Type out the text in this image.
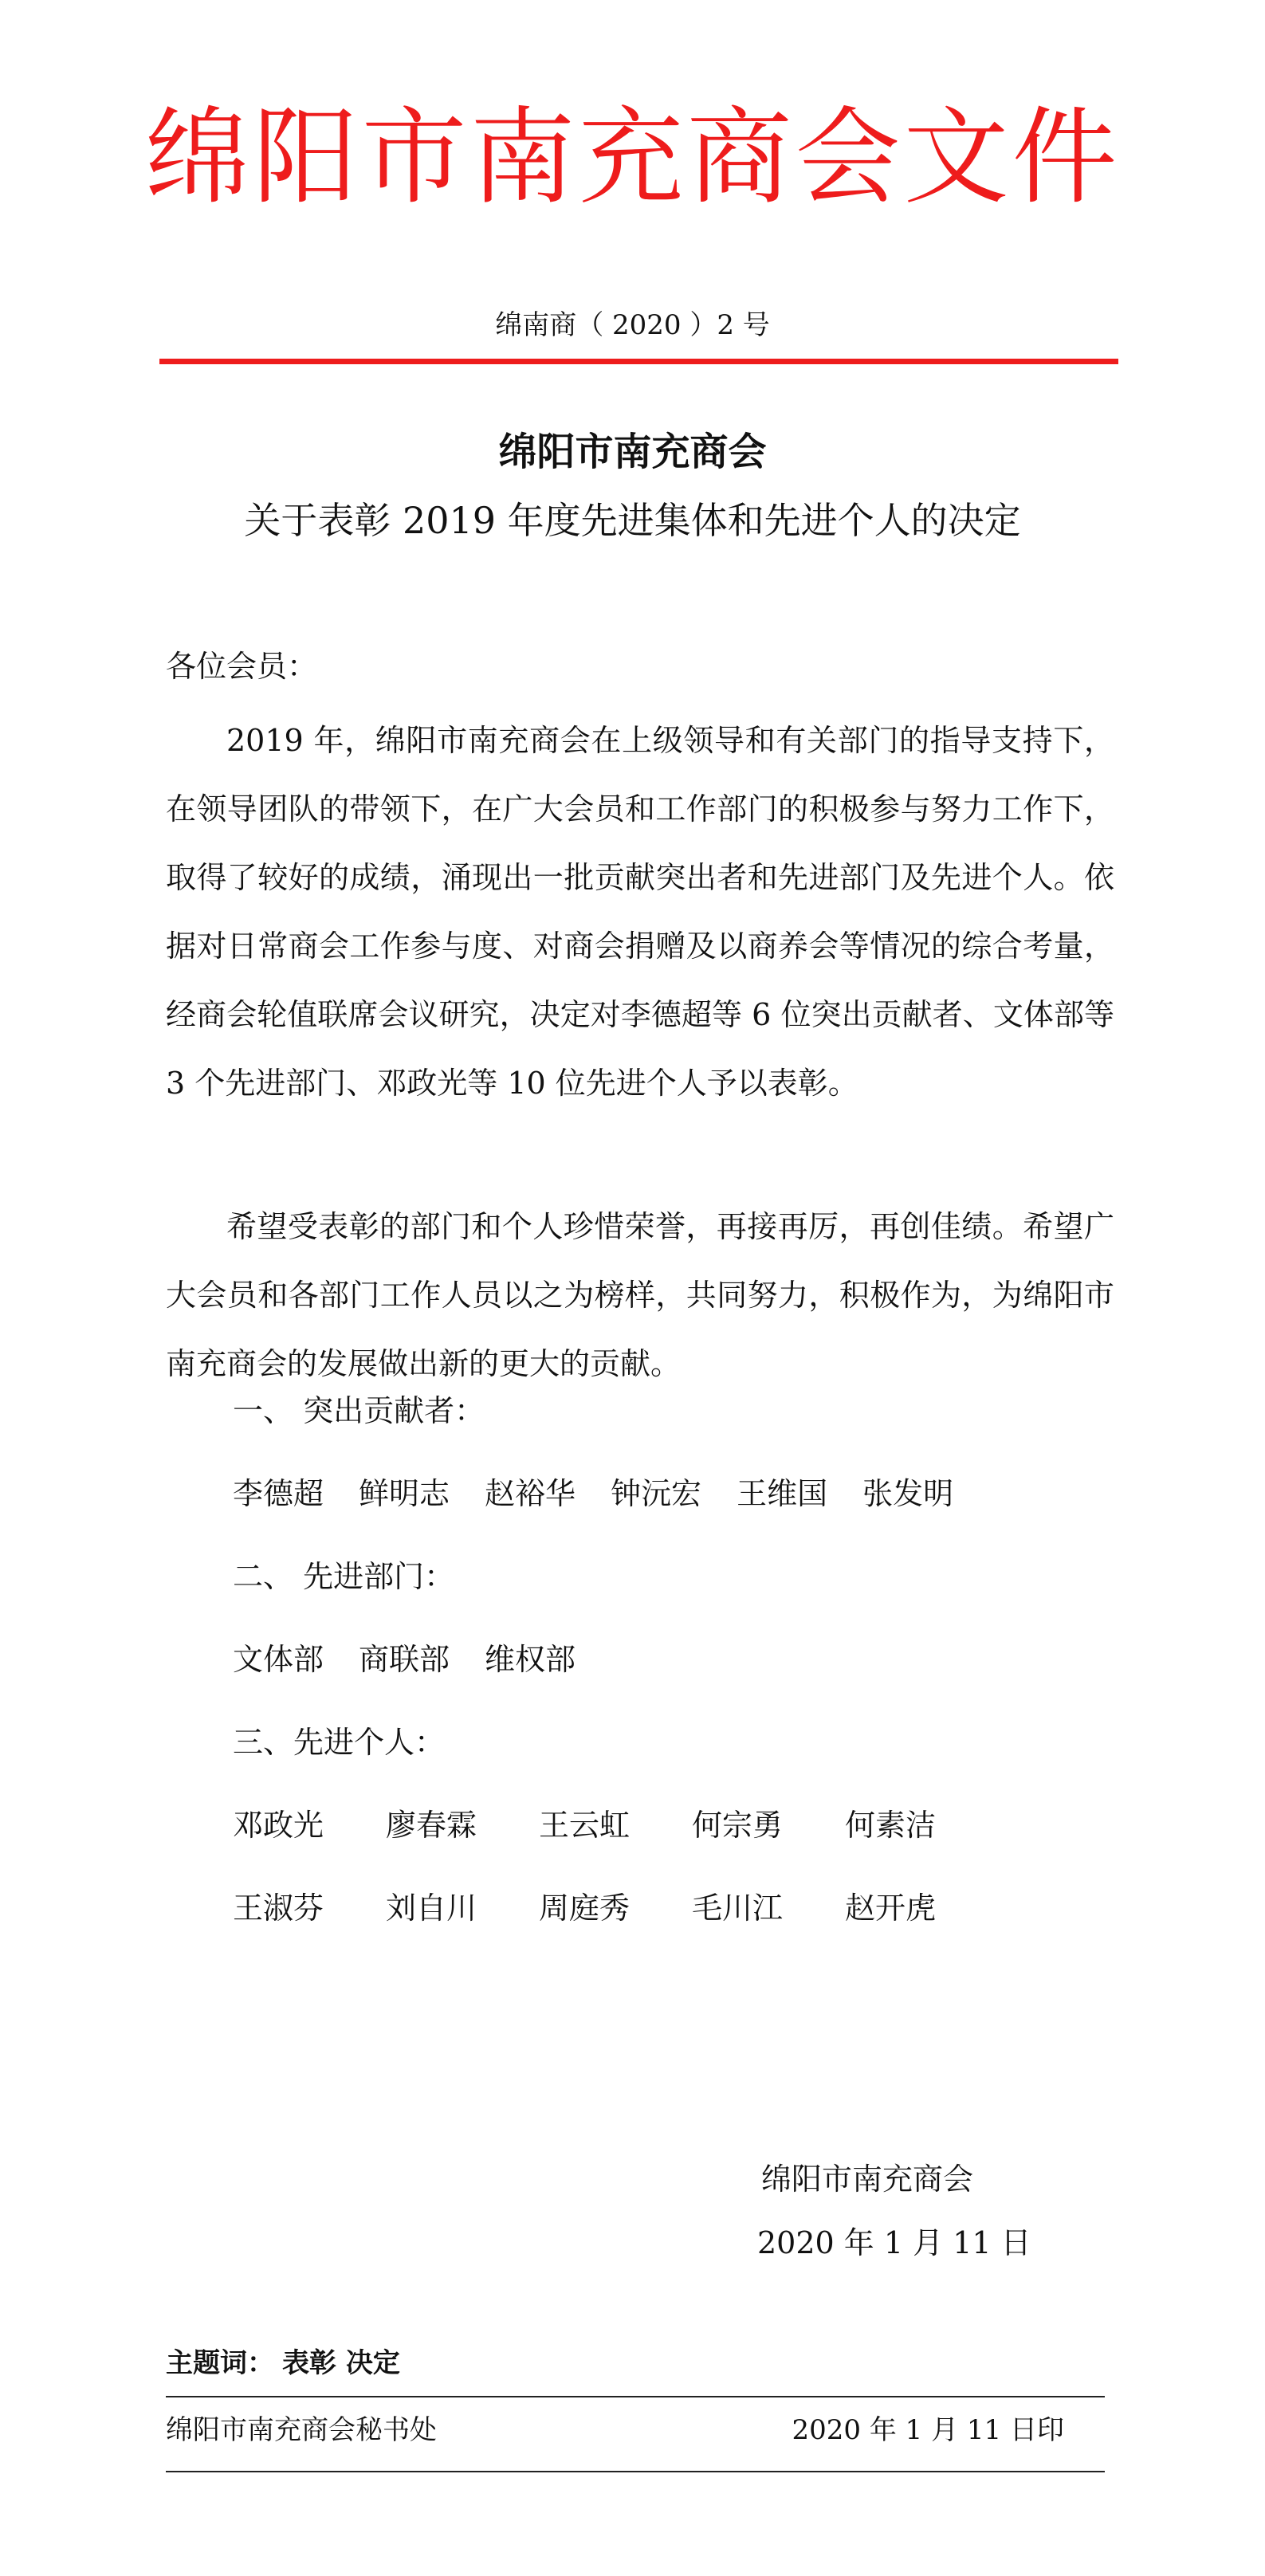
绵阳市南充商会文件
绵南商（ 2020 ）2 号
绵阳市南充商会
关于表彰 2019 年度先进集体和先进个人的决定
各位会员：
2019 年，绵阳市南充商会在上级领导和有关部门的指导支持下，在领导团队的带领下，在广大会员和工作部门的积极参与努力工作下，取得了较好的成绩，涌现出一批贡献突出者和先进部门及先进个人。依据对日常商会工作参与度、对商会捐赠及以商养会等情况的综合考量，经商会轮值联席会议研究，决定对李德超等 6 位突出贡献者、文体部等 3 个先进部门、邓政光等 10 位先进个人予以表彰。
希望受表彰的部门和个人珍惜荣誉，再接再厉，再创佳绩。希望广大会员和各部门工作人员以之为榜样，共同努力，积极作为，为绵阳市南充商会的发展做出新的更大的贡献。
一、 突出贡献者：
李德超 鲜明志 赵裕华 钟沅宏 王维国 张发明
二、 先进部门：
文体部 商联部 维权部
三、先进个人：
邓政光 廖春霖 王云虹 何宗勇 何素洁
王淑芬 刘自川 周庭秀 毛川江 赵开虎
绵阳市南充商会
2020 年 1 月 11 日
主题词： 表彰 决定
绵阳市南充商会秘书处	2020 年 1 月 11 日印
